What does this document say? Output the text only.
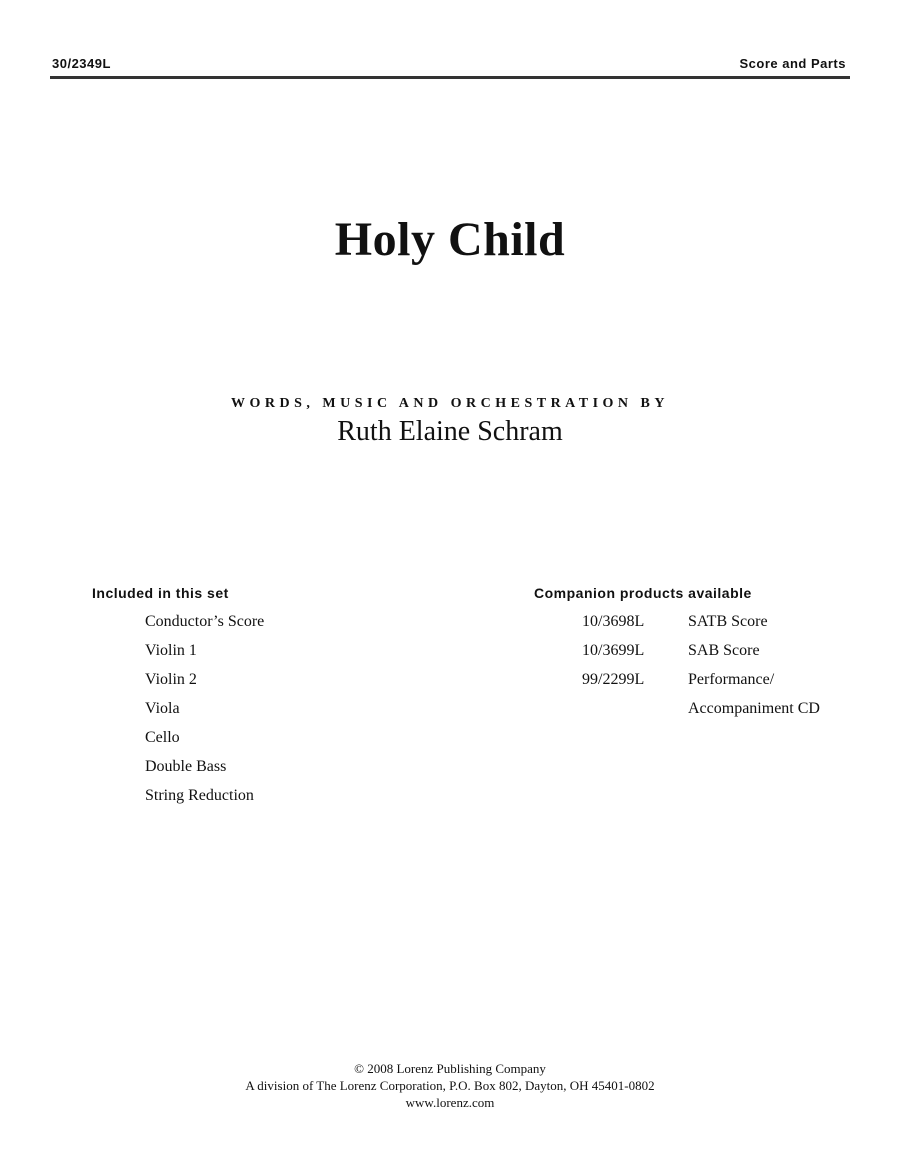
30/2349L	Score and Parts
Holy Child
WORDS, MUSIC AND ORCHESTRATION BY
Ruth Elaine Schram
Included in this set
Conductor’s Score
Violin 1
Violin 2
Viola
Cello
Double Bass
String Reduction
Companion products available
10/3698L	SATB Score
10/3699L	SAB Score
99/2299L	Performance/
Accompaniment CD
© 2008 Lorenz Publishing Company
A division of The Lorenz Corporation, P.O. Box 802, Dayton, OH 45401-0802
www.lorenz.com
